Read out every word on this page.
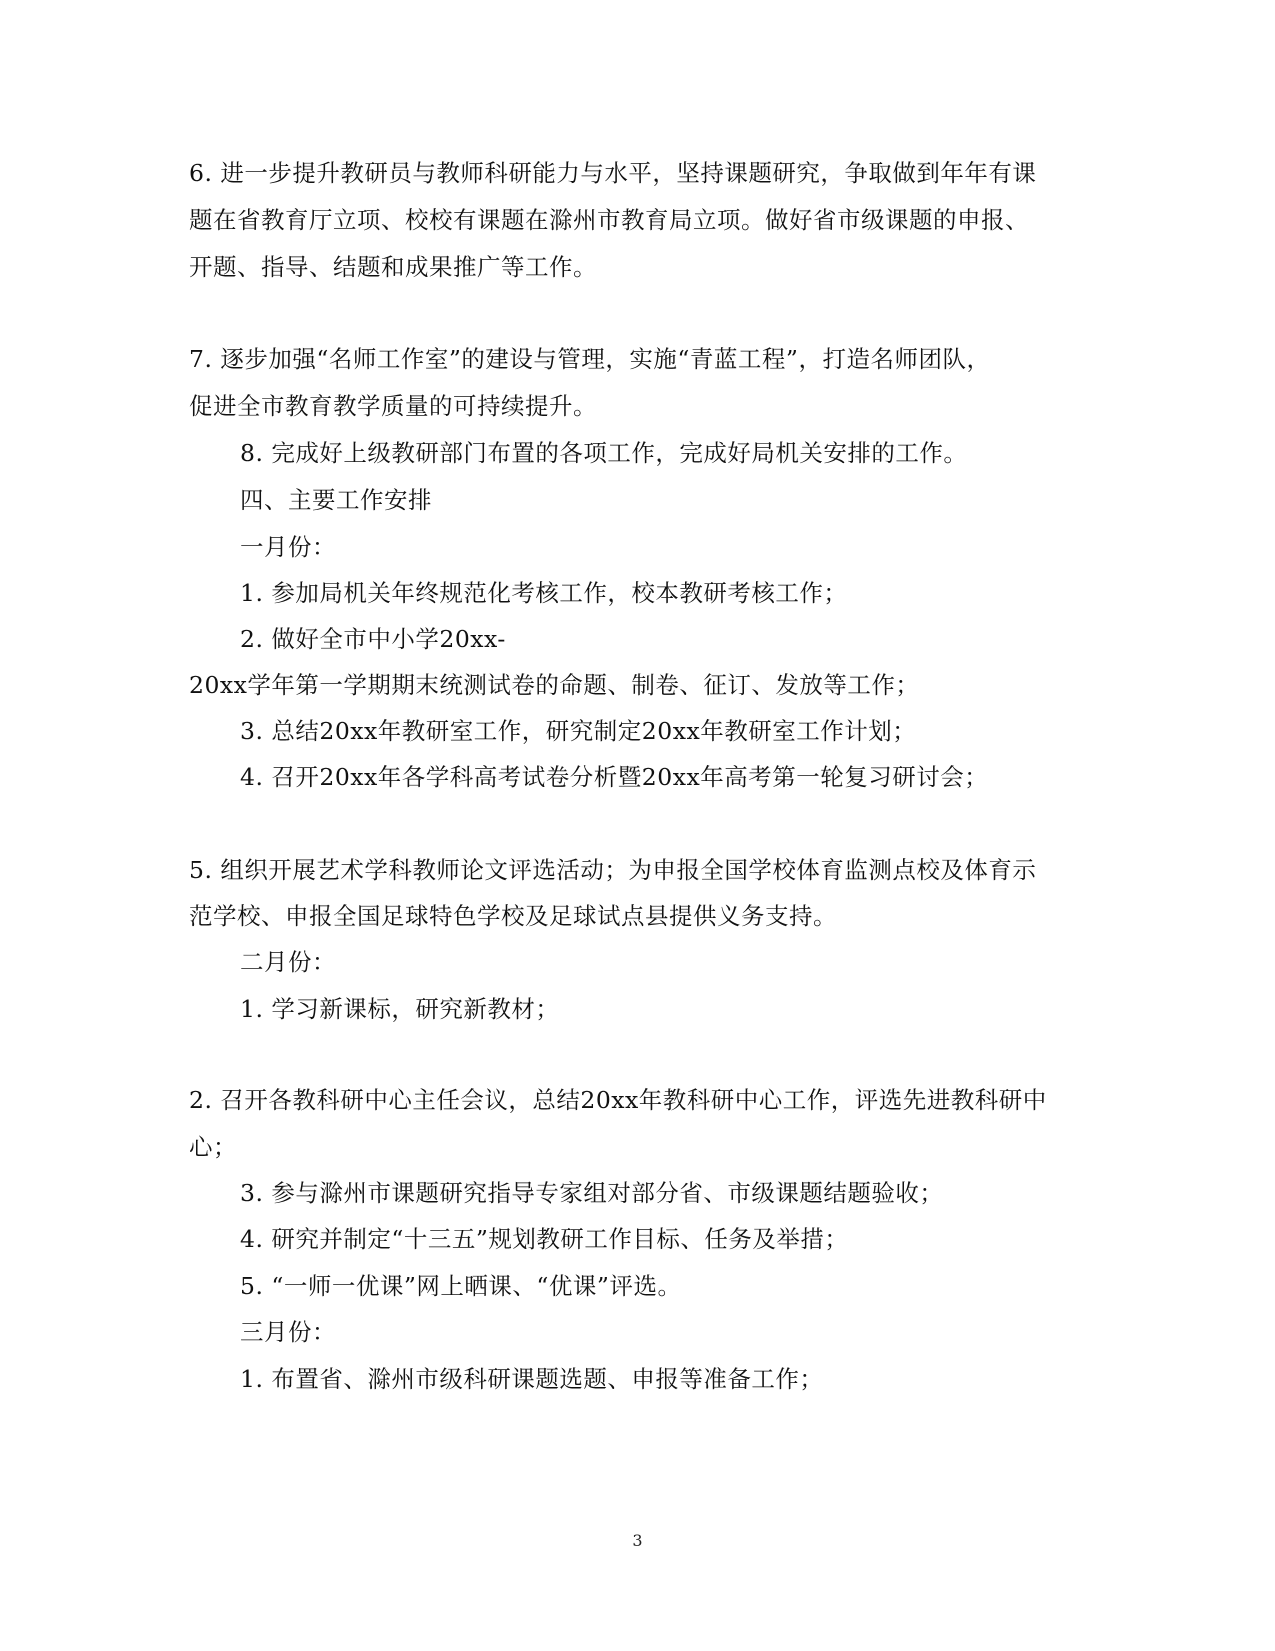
6. 进一步提升教研员与教师科研能力与水平，坚持课题研究，争取做到年年有课
题在省教育厅立项、校校有课题在滁州市教育局立项。做好省市级课题的申报、
开题、指导、结题和成果推广等工作。
7. 逐步加强“名师工作室”的建设与管理，实施“青蓝工程”，打造名师团队，
促进全市教育教学质量的可持续提升。
8. 完成好上级教研部门布置的各项工作，完成好局机关安排的工作。
四、主要工作安排
一月份：
1. 参加局机关年终规范化考核工作，校本教研考核工作；
2. 做好全市中小学20xx-
20xx学年第一学期期末统测试卷的命题、制卷、征订、发放等工作；
3. 总结20xx年教研室工作，研究制定20xx年教研室工作计划；
4. 召开20xx年各学科高考试卷分析暨20xx年高考第一轮复习研讨会；
5. 组织开展艺术学科教师论文评选活动；为申报全国学校体育监测点校及体育示
范学校、申报全国足球特色学校及足球试点县提供义务支持。
二月份：
1. 学习新课标，研究新教材；
2. 召开各教科研中心主任会议，总结20xx年教科研中心工作，评选先进教科研中
心；
3. 参与滁州市课题研究指导专家组对部分省、市级课题结题验收；
4. 研究并制定“十三五”规划教研工作目标、任务及举措；
5. “一师一优课”网上晒课、“优课”评选。
三月份：
1. 布置省、滁州市级科研课题选题、申报等准备工作；
3
